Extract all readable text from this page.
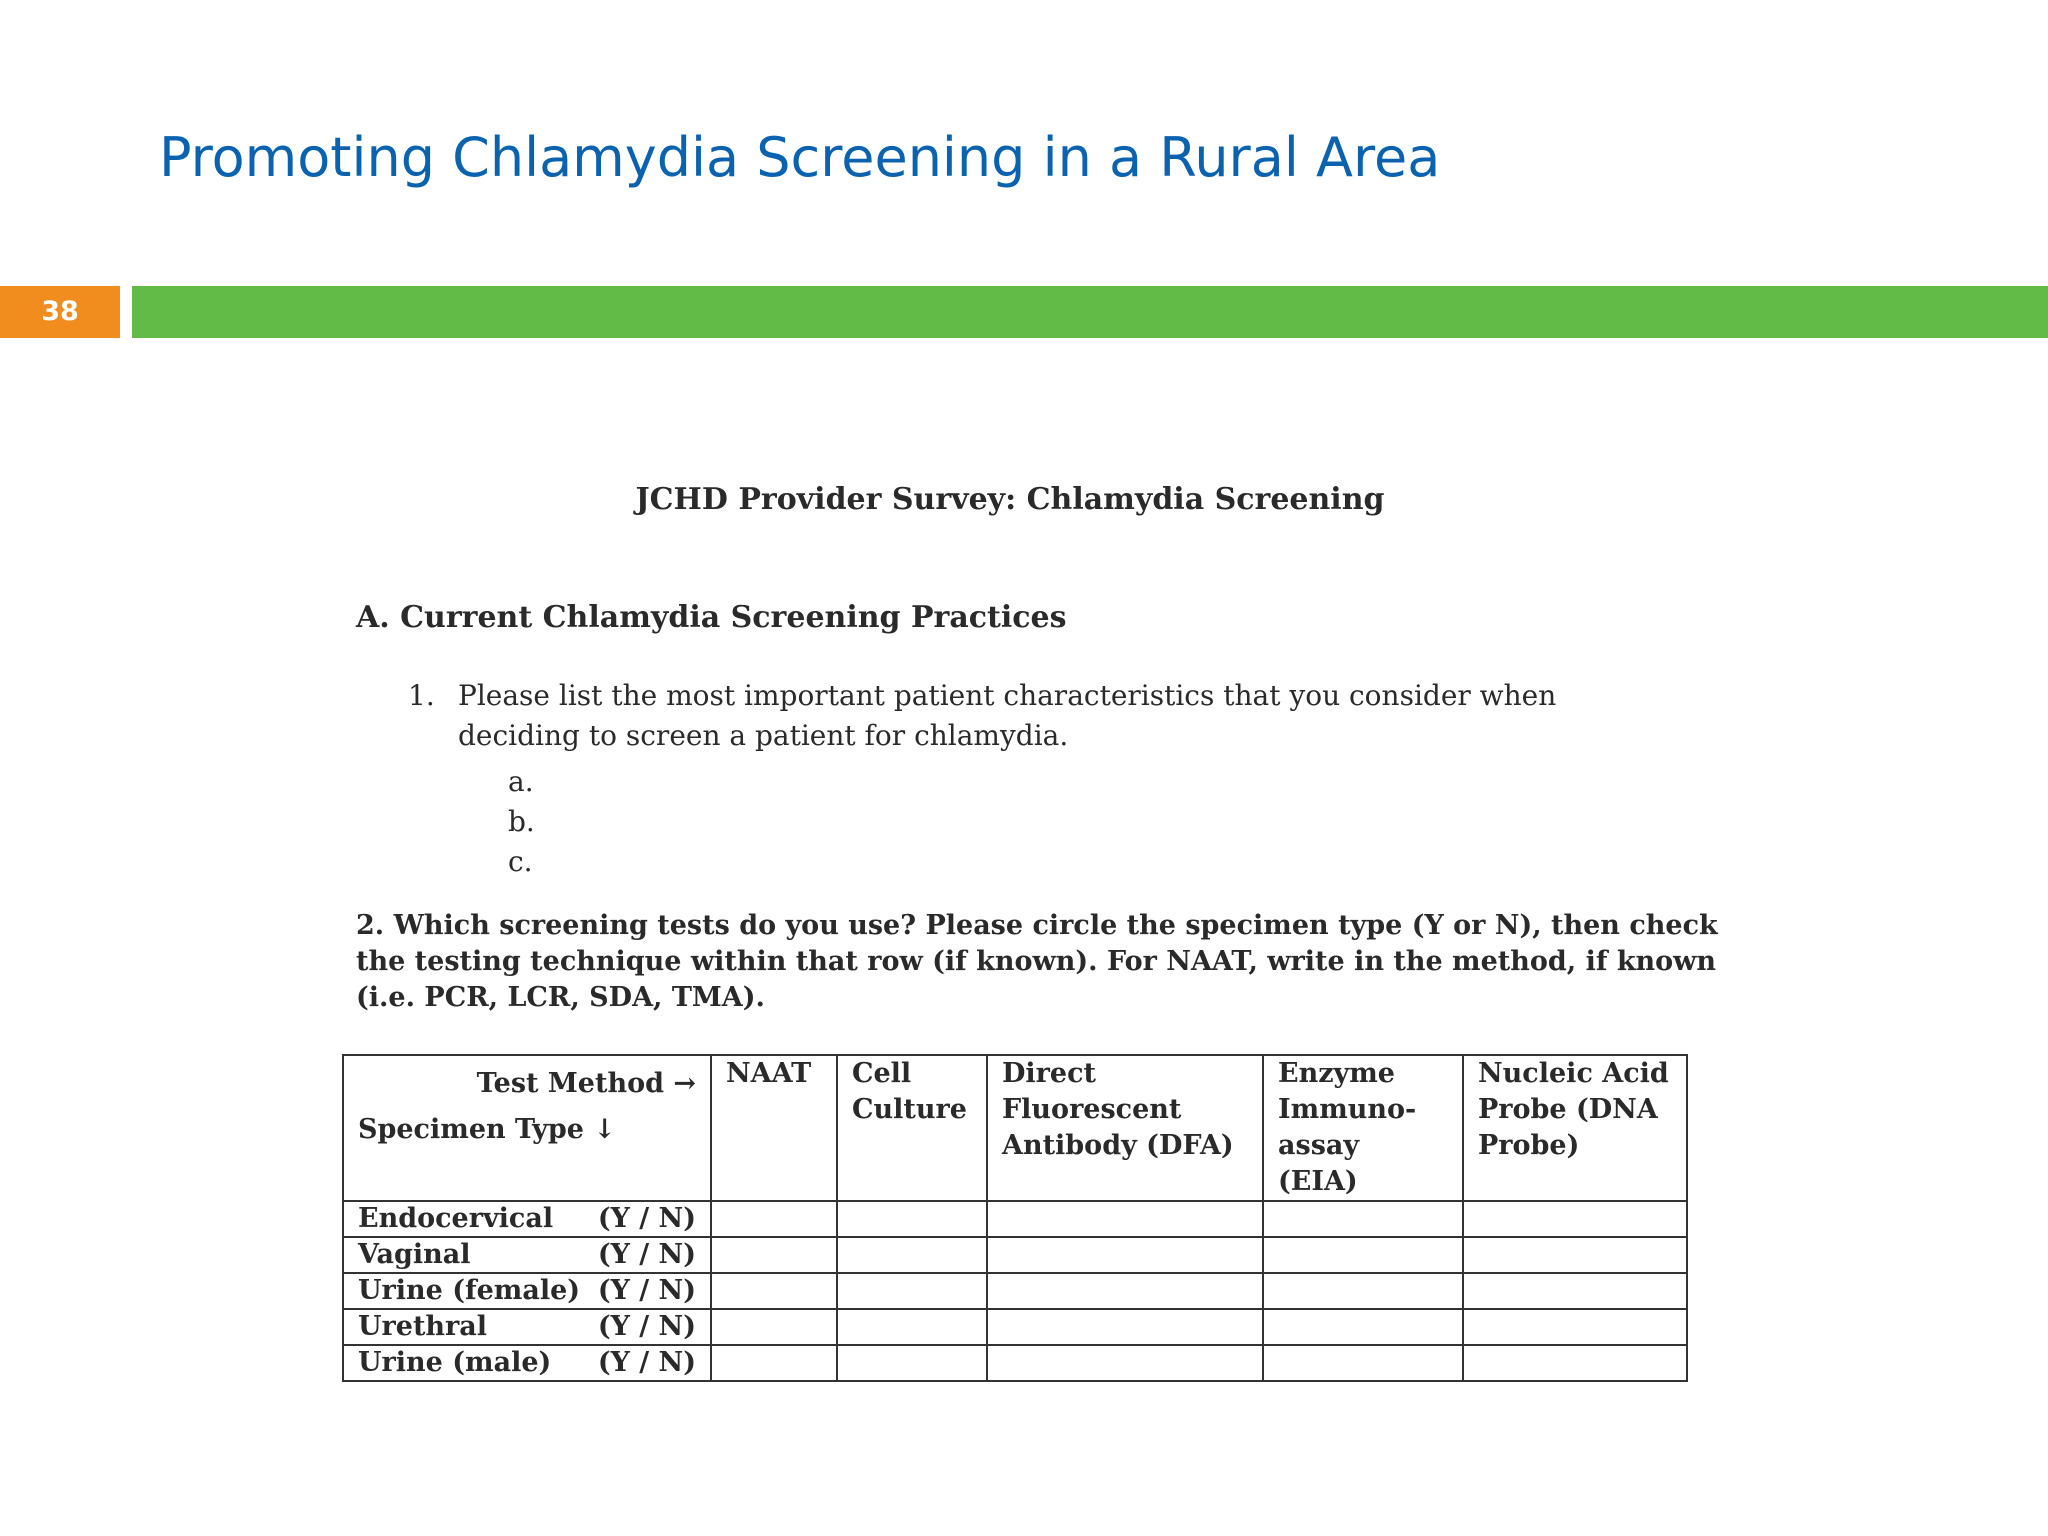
Promoting Chlamydia Screening in a Rural Area
38
JCHD Provider Survey: Chlamydia Screening
A. Current Chlamydia Screening Practices
1. Please list the most important patient characteristics that you consider when deciding to screen a patient for chlamydia.
a.
b.
c.
2. Which screening tests do you use? Please circle the specimen type (Y or N), then check the testing technique within that row (if known). For NAAT, write in the method, if known (i.e. PCR, LCR, SDA, TMA).
Test Method →
Specimen Type ↓	NAAT	Cell Culture	Direct Fluorescent Antibody (DFA)	Enzyme Immuno-assay (EIA)	Nucleic Acid Probe (DNA Probe)

Endocervical (Y / N)					

Vaginal (Y / N)					

Urine (female) (Y / N)					

Urethral (Y / N)					

Urine (male) (Y / N)					
